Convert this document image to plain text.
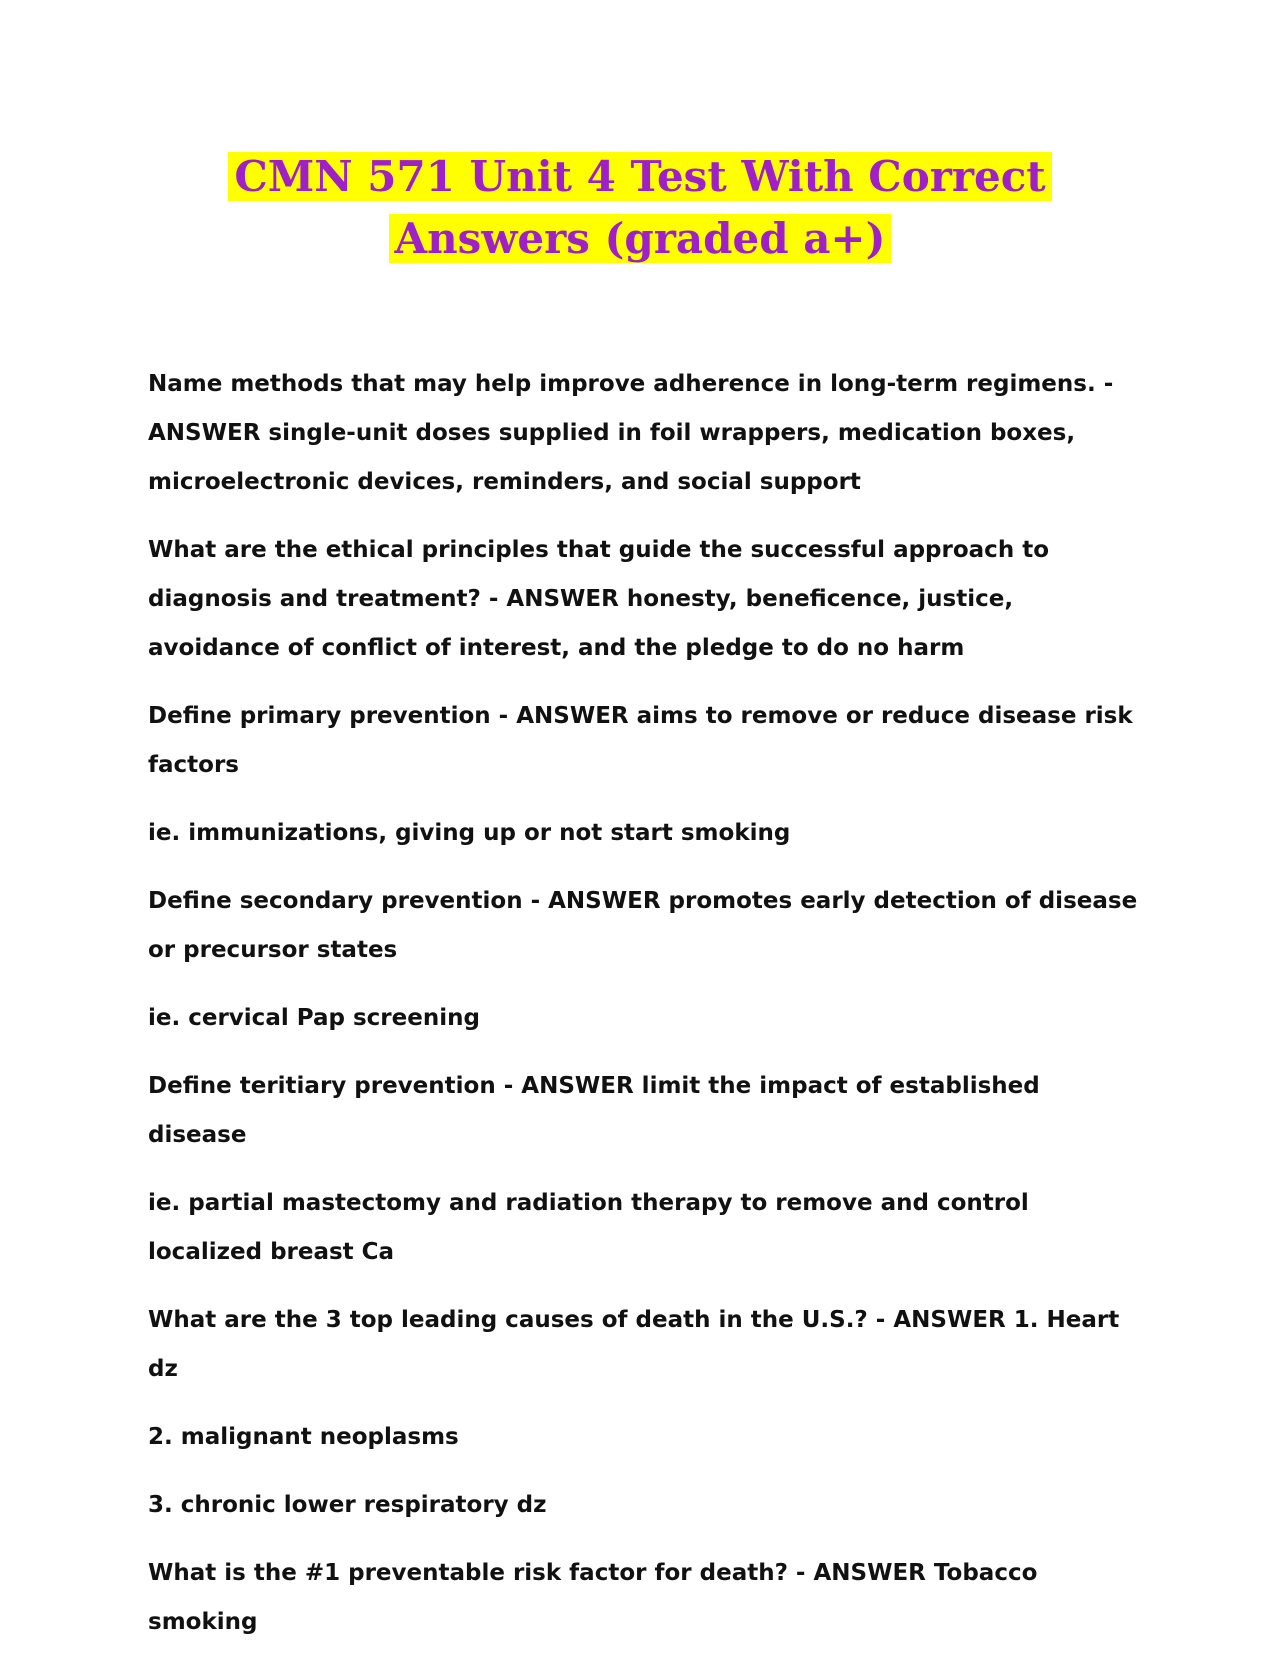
CMN 571 Unit 4 Test With Correct
Answers (graded a+)

Name methods that may help improve adherence in long-term regimens. - ANSWER single-unit doses supplied in foil wrappers, medication boxes, microelectronic devices, reminders, and social support

What are the ethical principles that guide the successful approach to diagnosis and treatment? - ANSWER honesty, beneficence, justice, avoidance of conflict of interest, and the pledge to do no harm

Define primary prevention - ANSWER aims to remove or reduce disease risk factors

ie. immunizations, giving up or not start smoking

Define secondary prevention - ANSWER promotes early detection of disease or precursor states

ie. cervical Pap screening

Define teritiary prevention - ANSWER limit the impact of established disease

ie. partial mastectomy and radiation therapy to remove and control localized breast Ca

What are the 3 top leading causes of death in the U.S.? - ANSWER 1. Heart dz

2. malignant neoplasms

3. chronic lower respiratory dz

What is the #1 preventable risk factor for death? - ANSWER Tobacco smoking
